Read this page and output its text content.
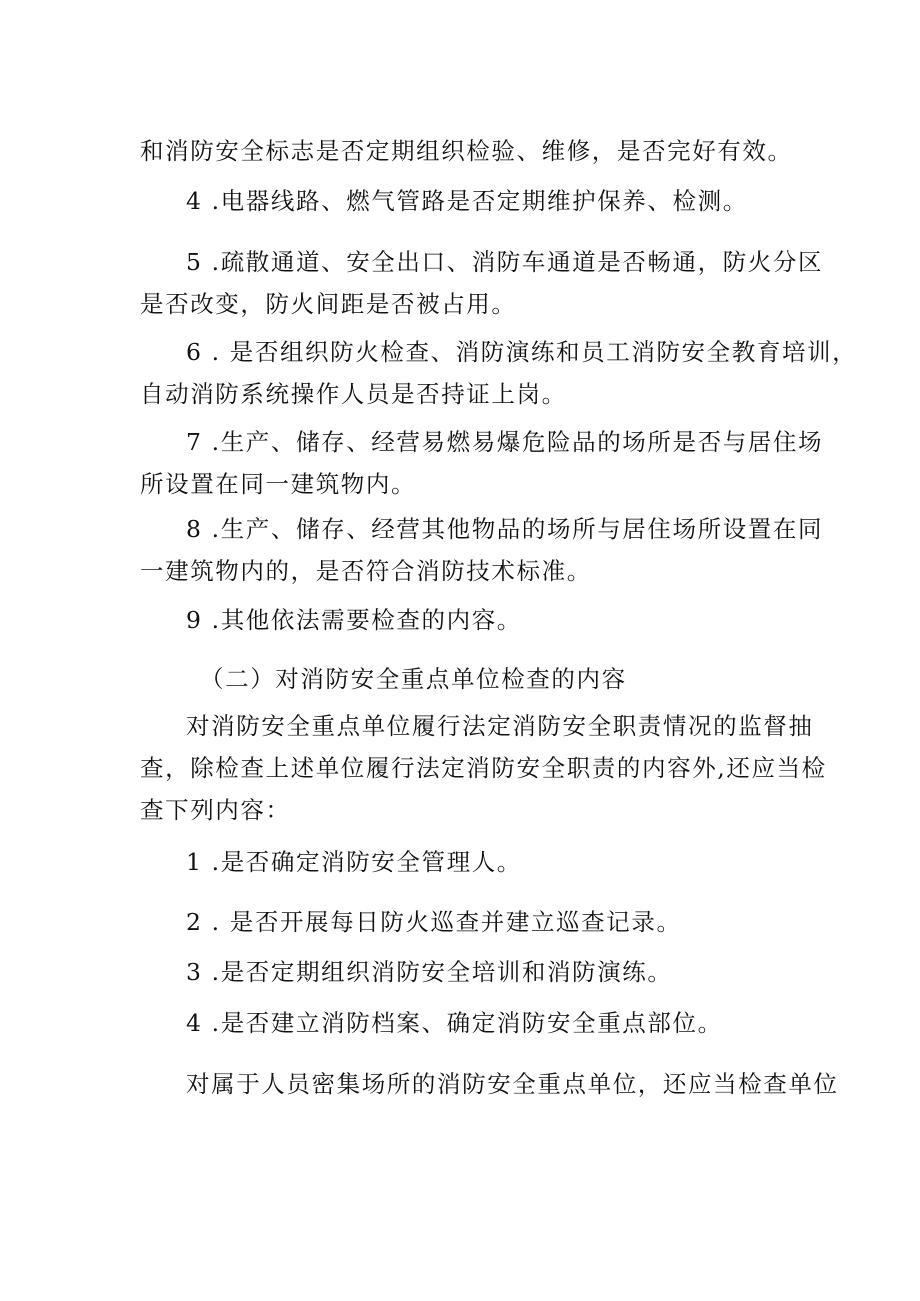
和消防安全标志是否定期组织检验、维修，是否完好有效。
4 .电器线路、燃气管路是否定期维护保养、检测。
5 .疏散通道、安全出口、消防车通道是否畅通，防火分区
是否改变，防火间距是否被占用。
6 . 是否组织防火检查、消防演练和员工消防安全教育培训，
自动消防系统操作人员是否持证上岗。
7 .生产、储存、经营易燃易爆危险品的场所是否与居住场
所设置在同一建筑物内。
8 .生产、储存、经营其他物品的场所与居住场所设置在同
一建筑物内的，是否符合消防技术标准。
9 .其他依法需要检查的内容。
（二）对消防安全重点单位检查的内容
对消防安全重点单位履行法定消防安全职责情况的监督抽
查，除检查上述单位履行法定消防安全职责的内容外,还应当检
查下列内容：
1 .是否确定消防安全管理人。
2 . 是否开展每日防火巡查并建立巡查记录。
3 .是否定期组织消防安全培训和消防演练。
4 .是否建立消防档案、确定消防安全重点部位。
对属于人员密集场所的消防安全重点单位，还应当检查单位
